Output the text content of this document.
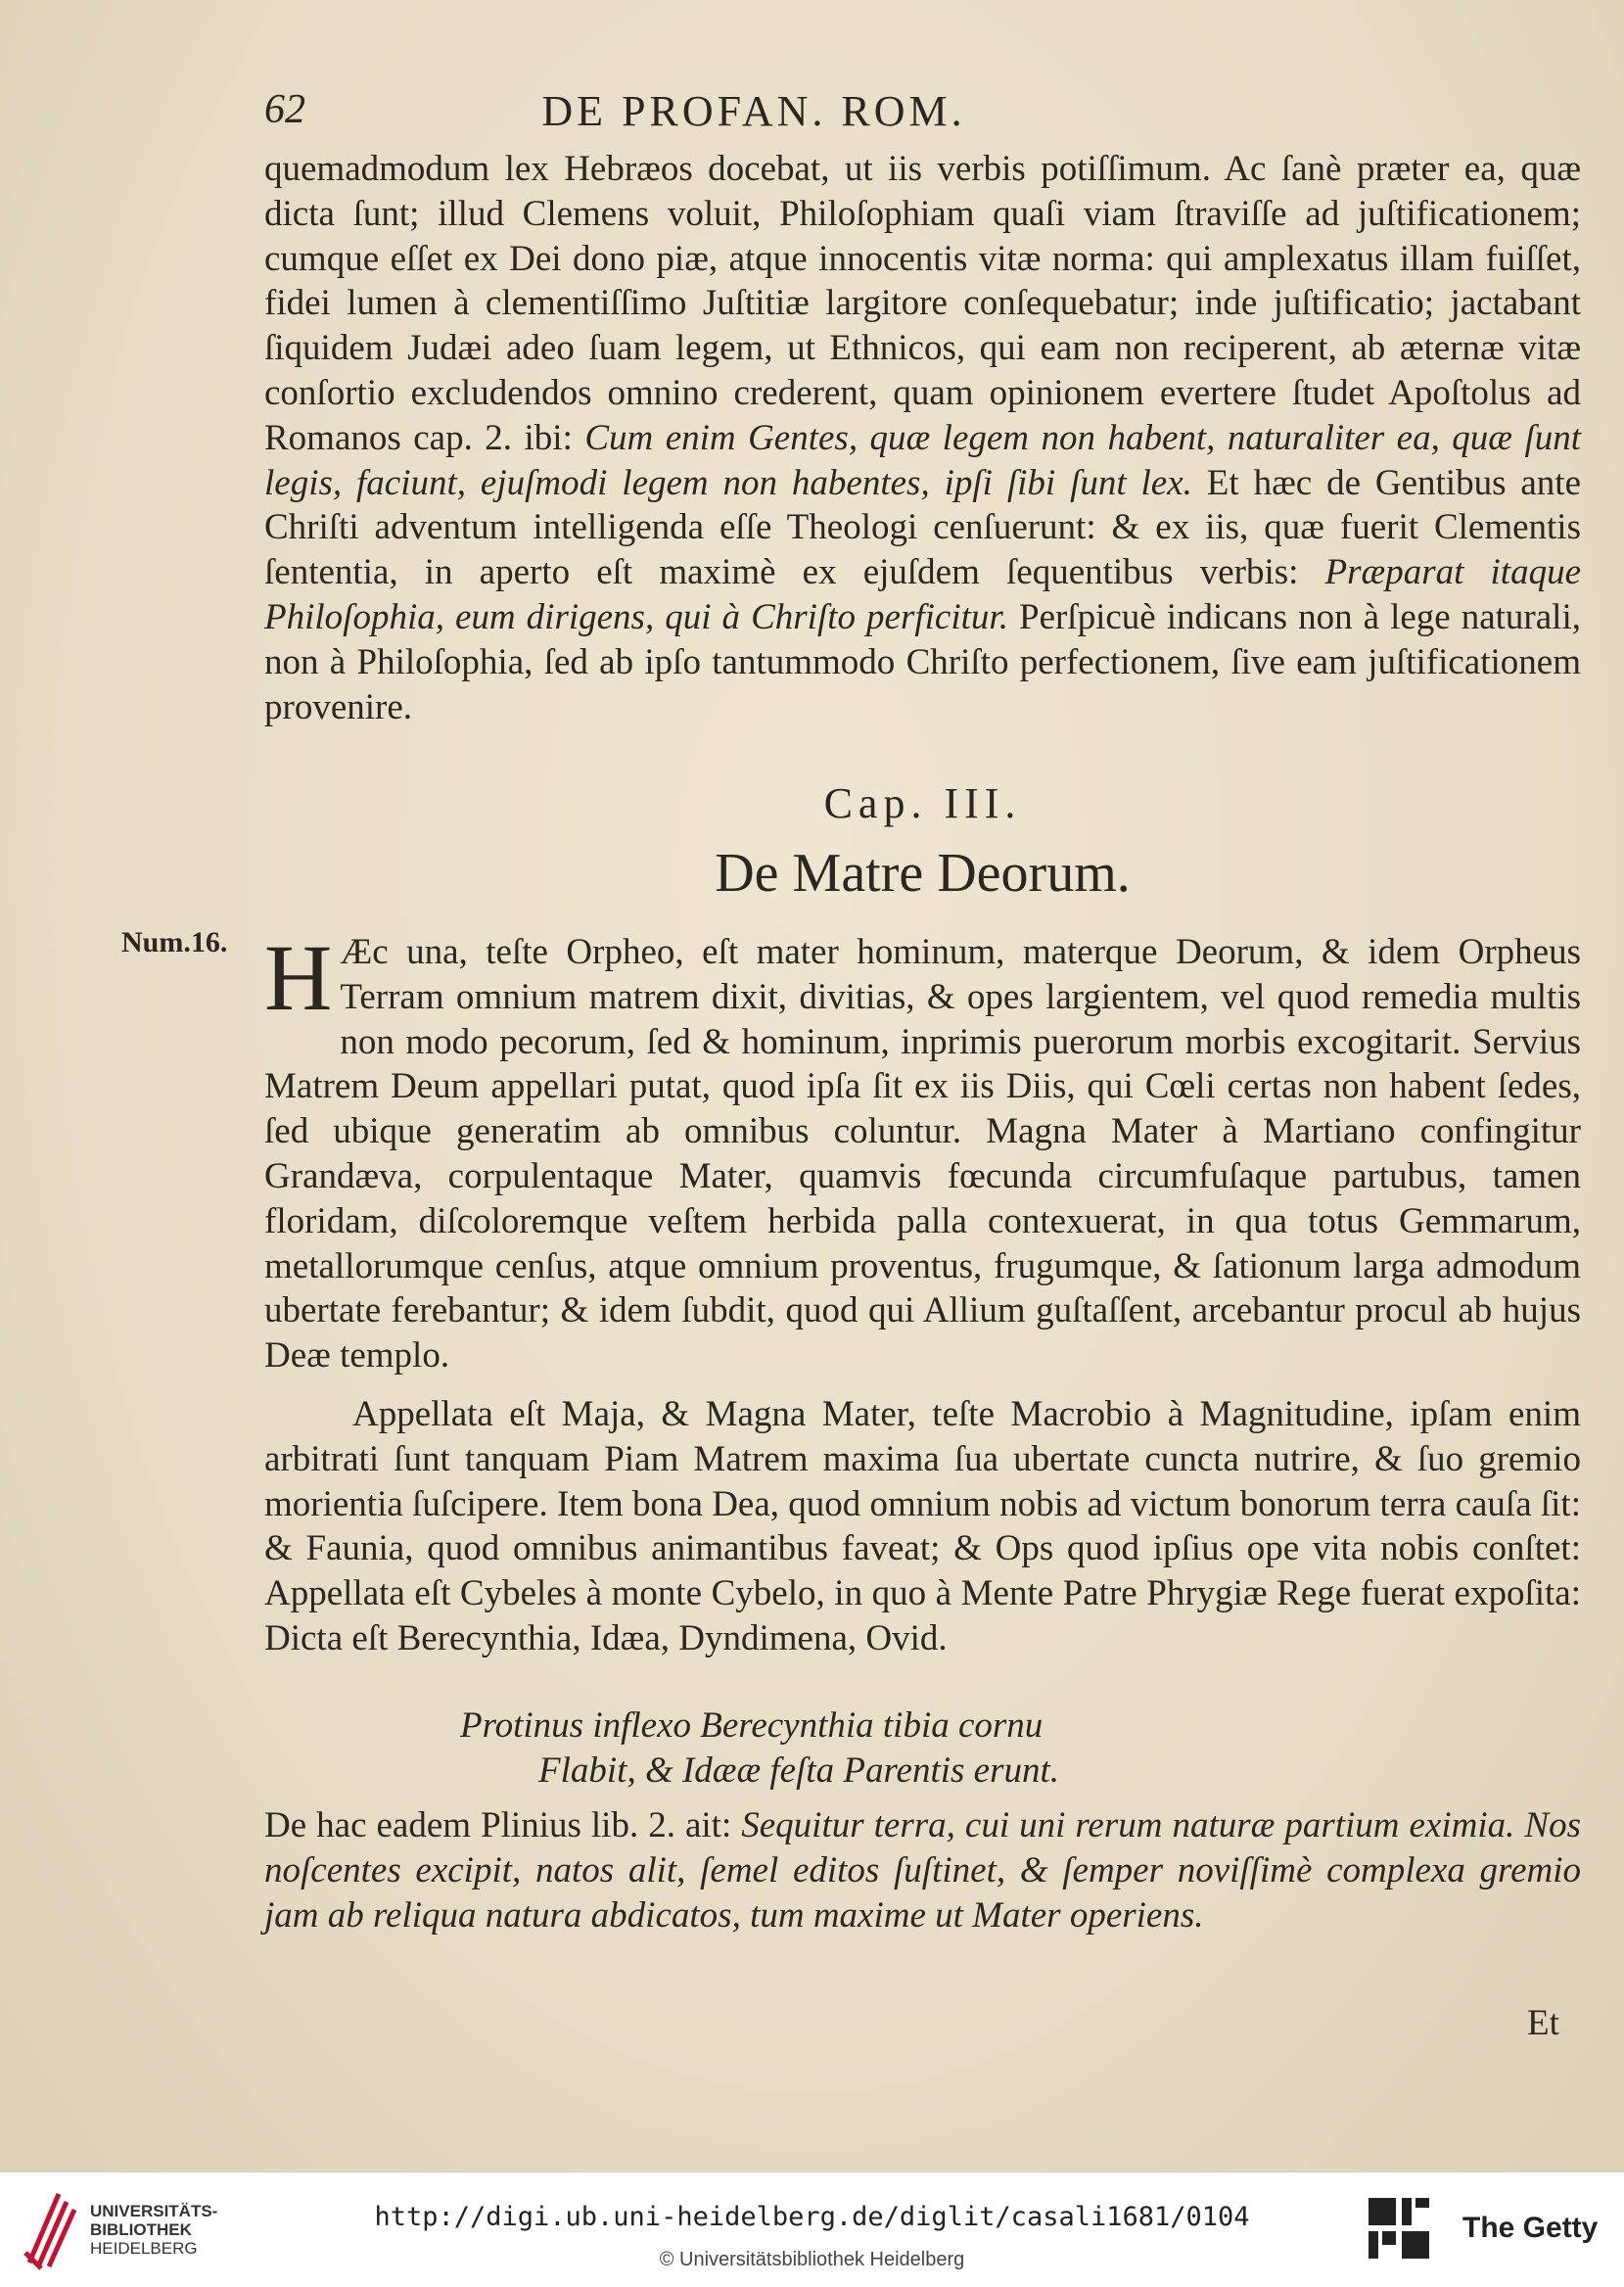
62	DE PROFAN. ROM.
quemadmodum lex Hebræos docebat, ut iis verbis potiſſimum. Ac ſanè præter ea, quæ dicta ſunt; illud Clemens voluit, Philoſophiam quaſi viam ſtraviſſe ad juſtificationem; cumque eſſet ex Dei dono piæ, atque innocentis vitæ norma: qui amplexatus illam fuiſſet, fidei lumen à clementiſſimo Juſtitiæ largitore conſequebatur; inde juſtificatio; jactabant ſiquidem Judæi adeo ſuam legem, ut Ethnicos, qui eam non reciperent, ab æternæ vitæ conſortio excludendos omnino crederent, quam opinionem evertere ſtudet Apoſtolus ad Romanos cap. 2. ibi: Cum enim Gentes, quæ legem non habent, naturaliter ea, quæ ſunt legis, faciunt, ejuſmodi legem non habentes, ipſi ſibi ſunt lex. Et hæc de Gentibus ante Chriſti adventum intelligenda eſſe Theologi cenſuerunt: & ex iis, quæ fuerit Clementis ſententia, in aperto eſt maximè ex ejuſdem ſequentibus verbis: Præparat itaque Philoſophia, eum dirigens, qui à Chriſto perficitur. Perſpicuè indicans non à lege naturali, non à Philoſophia, ſed ab ipſo tantummodo Chriſto perfectionem, ſive eam juſtificationem provenire.
Cap. III.
De Matre Deorum.
Num.16. H Æc una, teſte Orpheo, eſt mater hominum, materque Deorum, & idem Orpheus Terram omnium matrem dixit, divitias, & opes largientem, vel quod remedia multis non modo pecorum, ſed & hominum, inprimis puerorum morbis excogitarit. Servius Matrem Deum appellari putat, quod ipſa ſit ex iis Diis, qui Cœli certas non habent ſedes, ſed ubique generatim ab omnibus coluntur. Magna Mater à Martiano confingitur Grandæva, corpulentaque Mater, quamvis fœcunda circumfuſaque partubus, tamen floridam, diſcoloremque veſtem herbida palla contexuerat, in qua totus Gemmarum, metallorumque cenſus, atque omnium proventus, frugumque, & ſationum larga admodum ubertate ferebantur; & idem ſubdit, quod qui Allium guſtaſſent, arcebantur procul ab hujus Deæ templo.
Appellata eſt Maja, & Magna Mater, teſte Macrobio à Magnitudine, ipſam enim arbitrati ſunt tanquam Piam Matrem maxima ſua ubertate cuncta nutrire, & ſuo gremio morientia ſuſcipere. Item bona Dea, quod omnium nobis ad victum bonorum terra cauſa ſit: & Faunia, quod omnibus animantibus faveat; & Ops quod ipſius ope vita nobis conſtet: Appellata eſt Cybeles à monte Cybelo, in quo à Mente Patre Phrygiæ Rege fuerat expoſita: Dicta eſt Berecynthia, Idæa, Dyndimena, Ovid.
Protinus inflexo Berecynthia tibia cornu
Flabit, & Idææ feſta Parentis erunt.
De hac eadem Plinius lib. 2. ait: Sequitur terra, cui uni rerum naturæ partium eximia. Nos noſcentes excipit, natos alit, ſemel editos ſuſtinet, & ſemper noviſſimè complexa gremio jam ab reliqua natura abdicatos, tum maxime ut Mater operiens.
Et
UNIVERSITÄTS-
BIBLIOTHEK
HEIDELBERG
http://digi.ub.uni-heidelberg.de/diglit/casali1681/0104
© Universitätsbibliothek Heidelberg
The Getty
